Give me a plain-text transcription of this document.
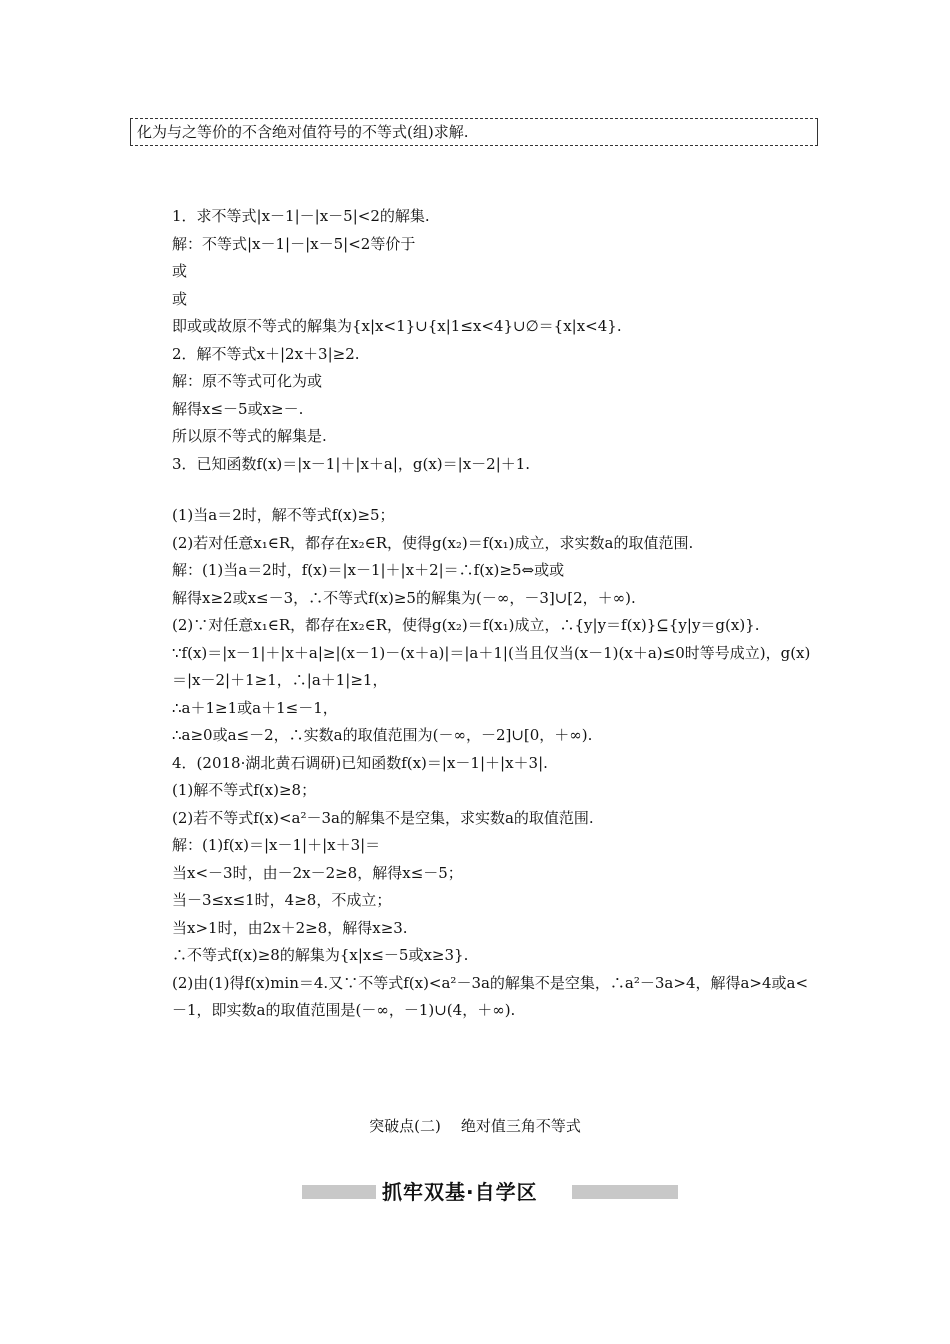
化为与之等价的不含绝对值符号的不等式(组)求解.

1．求不等式|x－1|－|x－5|<2的解集.

解：不等式|x－1|－|x－5|<2等价于

或

或

即或或故原不等式的解集为{x|x<1}∪{x|1≤x<4}∪∅＝{x|x<4}.

2．解不等式x＋|2x＋3|≥2.

解：原不等式可化为或

解得x≤－5或x≥－.

所以原不等式的解集是.

3．已知函数f(x)＝|x－1|＋|x＋a|，g(x)＝|x－2|＋1.

(1)当a＝2时，解不等式f(x)≥5；

(2)若对任意x₁∈R，都存在x₂∈R，使得g(x₂)＝f(x₁)成立，求实数a的取值范围.

解：(1)当a＝2时，f(x)＝|x－1|＋|x＋2|＝∴f(x)≥5⇔或或

解得x≥2或x≤－3，∴不等式f(x)≥5的解集为(－∞，－3]∪[2，＋∞).

(2)∵对任意x₁∈R，都存在x₂∈R，使得g(x₂)＝f(x₁)成立，∴{y|y＝f(x)}⊆{y|y＝g(x)}.

∵f(x)＝|x－1|＋|x＋a|≥|(x－1)－(x＋a)|＝|a＋1|(当且仅当(x－1)(x＋a)≤0时等号成立)，g(x)＝|x－2|＋1≥1，∴|a＋1|≥1，

∴a＋1≥1或a＋1≤－1，

∴a≥0或a≤－2，∴实数a的取值范围为(－∞，－2]∪[0，＋∞).

4．(2018·湖北黄石调研)已知函数f(x)＝|x－1|＋|x＋3|.

(1)解不等式f(x)≥8；

(2)若不等式f(x)<a²－3a的解集不是空集，求实数a的取值范围.

解：(1)f(x)＝|x－1|＋|x＋3|＝

当x<－3时，由－2x－2≥8，解得x≤－5；

当－3≤x≤1时，4≥8，不成立；

当x>1时，由2x＋2≥8，解得x≥3.

∴不等式f(x)≥8的解集为{x|x≤－5或x≥3}.

(2)由(1)得f(x)min＝4.又∵不等式f(x)<a²－3a的解集不是空集，∴a²－3a>4，解得a>4或a<－1，即实数a的取值范围是(－∞，－1)∪(4，＋∞).

突破点(二) 绝对值三角不等式
抓牢双基·自学区
